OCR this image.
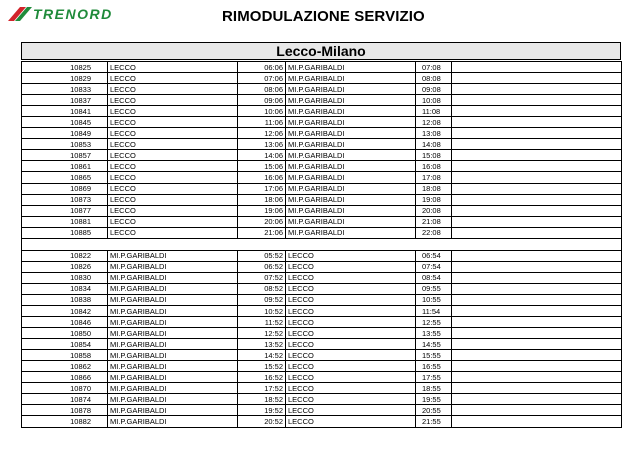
TRENORD	RIMODULAZIONE SERVIZIO
Lecco-Milano
10825	LECCO	06:06	MI.P.GARIBALDI	07:08	
10829	LECCO	07:06	MI.P.GARIBALDI	08:08	
10833	LECCO	08:06	MI.P.GARIBALDI	09:08	
10837	LECCO	09:06	MI.P.GARIBALDI	10:08	
10841	LECCO	10:06	MI.P.GARIBALDI	11:08	
10845	LECCO	11:06	MI.P.GARIBALDI	12:08	
10849	LECCO	12:06	MI.P.GARIBALDI	13:08	
10853	LECCO	13:06	MI.P.GARIBALDI	14:08	
10857	LECCO	14:06	MI.P.GARIBALDI	15:08	
10861	LECCO	15:06	MI.P.GARIBALDI	16:08	
10865	LECCO	16:06	MI.P.GARIBALDI	17:08	
10869	LECCO	17:06	MI.P.GARIBALDI	18:08	
10873	LECCO	18:06	MI.P.GARIBALDI	19:08	
10877	LECCO	19:06	MI.P.GARIBALDI	20:08	
10881	LECCO	20:06	MI.P.GARIBALDI	21:08	
10885	LECCO	21:06	MI.P.GARIBALDI	22:08	

10822	MI.P.GARIBALDI	05:52	LECCO	06:54	
10826	MI.P.GARIBALDI	06:52	LECCO	07:54	
10830	MI.P.GARIBALDI	07:52	LECCO	08:54	
10834	MI.P.GARIBALDI	08:52	LECCO	09:55	
10838	MI.P.GARIBALDI	09:52	LECCO	10:55	
10842	MI.P.GARIBALDI	10:52	LECCO	11:54	
10846	MI.P.GARIBALDI	11:52	LECCO	12:55	
10850	MI.P.GARIBALDI	12:52	LECCO	13:55	
10854	MI.P.GARIBALDI	13:52	LECCO	14:55	
10858	MI.P.GARIBALDI	14:52	LECCO	15:55	
10862	MI.P.GARIBALDI	15:52	LECCO	16:55	
10866	MI.P.GARIBALDI	16:52	LECCO	17:55	
10870	MI.P.GARIBALDI	17:52	LECCO	18:55	
10874	MI.P.GARIBALDI	18:52	LECCO	19:55	
10878	MI.P.GARIBALDI	19:52	LECCO	20:55	
10882	MI.P.GARIBALDI	20:52	LECCO	21:55	
